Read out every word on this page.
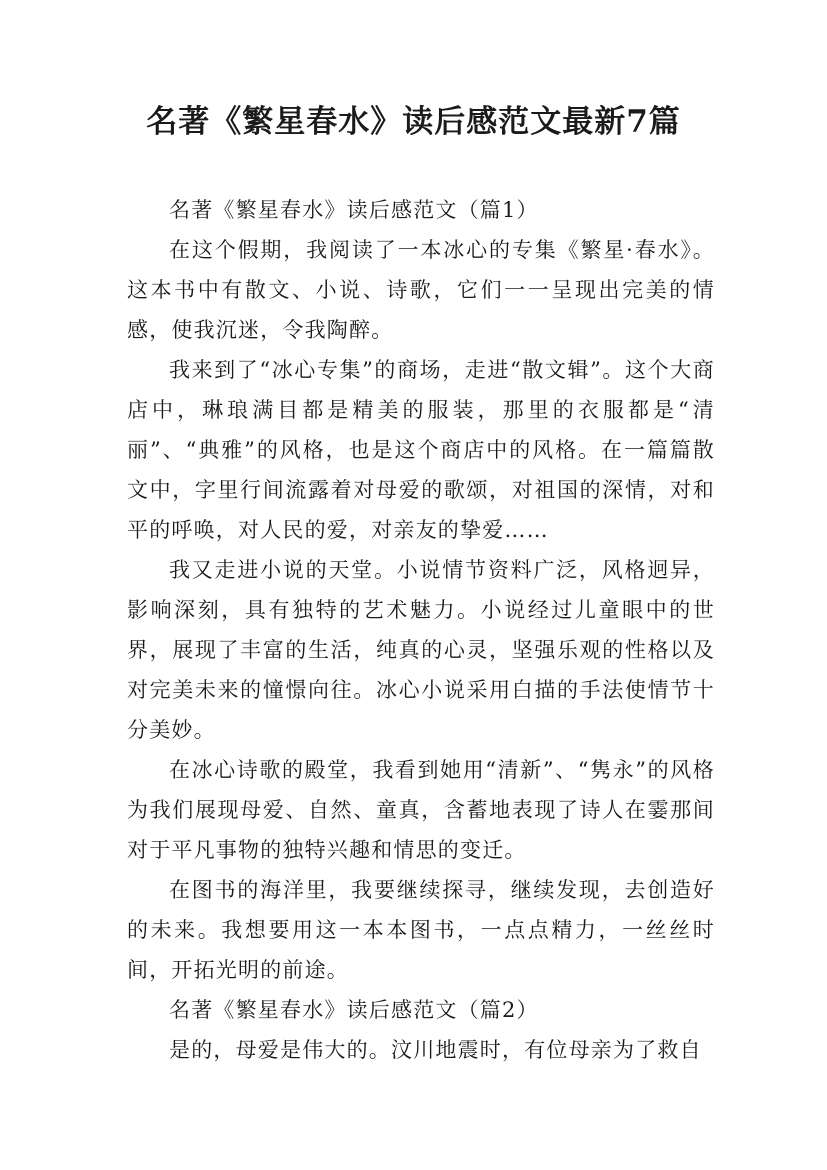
名著《繁星春水》读后感范文最新7篇

名著《繁星春水》读后感范文（篇1）

在这个假期，我阅读了一本冰心的专集《繁星·春水》。这本书中有散文、小说、诗歌，它们一一呈现出完美的情感，使我沉迷，令我陶醉。

我来到了“冰心专集”的商场，走进“散文辑”。这个大商店中，琳琅满目都是精美的服装，那里的衣服都是“清丽”、“典雅”的风格，也是这个商店中的风格。在一篇篇散文中，字里行间流露着对母爱的歌颂，对祖国的深情，对和平的呼唤，对人民的爱，对亲友的挚爱……

我又走进小说的天堂。小说情节资料广泛，风格迥异，影响深刻，具有独特的艺术魅力。小说经过儿童眼中的世界，展现了丰富的生活，纯真的心灵，坚强乐观的性格以及对完美未来的憧憬向往。冰心小说采用白描的手法使情节十分美妙。

在冰心诗歌的殿堂，我看到她用“清新”、“隽永”的风格为我们展现母爱、自然、童真，含蓄地表现了诗人在霎那间对于平凡事物的独特兴趣和情思的变迁。

在图书的海洋里，我要继续探寻，继续发现，去创造好的未来。我想要用这一本本图书，一点点精力，一丝丝时间，开拓光明的前途。

名著《繁星春水》读后感范文（篇2）

是的，母爱是伟大的。汶川地震时，有位母亲为了救自
